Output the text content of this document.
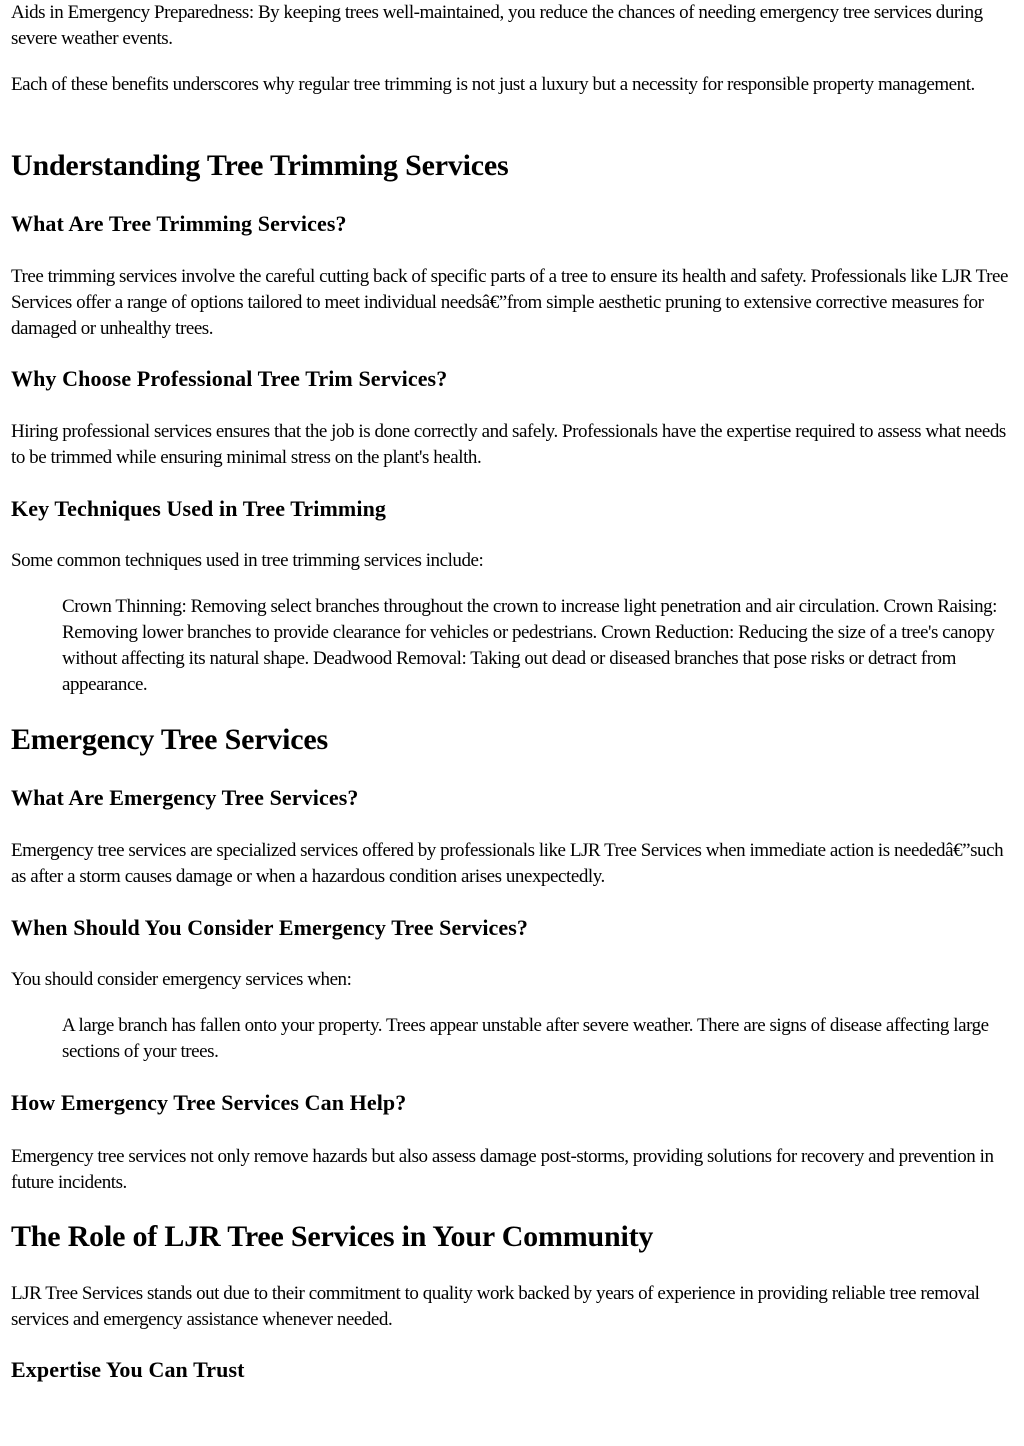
Aids in Emergency Preparedness: By keeping trees well-maintained, you reduce the chances of needing emergency tree services during severe weather events.

Each of these benefits underscores why regular tree trimming is not just a luxury but a necessity for responsible property management.

Understanding Tree Trimming Services
What Are Tree Trimming Services?

Tree trimming services involve the careful cutting back of specific parts of a tree to ensure its health and safety. Professionals like LJR Tree Services offer a range of options tailored to meet individual needsâ€”from simple aesthetic pruning to extensive corrective measures for damaged or unhealthy trees.

Why Choose Professional Tree Trim Services?

Hiring professional services ensures that the job is done correctly and safely. Professionals have the expertise required to assess what needs to be trimmed while ensuring minimal stress on the plant's health.

Key Techniques Used in Tree Trimming

Some common techniques used in tree trimming services include:

Crown Thinning: Removing select branches throughout the crown to increase light penetration and air circulation. Crown Raising: Removing lower branches to provide clearance for vehicles or pedestrians. Crown Reduction: Reducing the size of a tree's canopy without affecting its natural shape. Deadwood Removal: Taking out dead or diseased branches that pose risks or detract from appearance.

Emergency Tree Services
What Are Emergency Tree Services?

Emergency tree services are specialized services offered by professionals like LJR Tree Services when immediate action is neededâ€”such as after a storm causes damage or when a hazardous condition arises unexpectedly.

When Should You Consider Emergency Tree Services?

You should consider emergency services when:

A large branch has fallen onto your property. Trees appear unstable after severe weather. There are signs of disease affecting large sections of your trees.

How Emergency Tree Services Can Help?

Emergency tree services not only remove hazards but also assess damage post-storms, providing solutions for recovery and prevention in future incidents.

The Role of LJR Tree Services in Your Community

LJR Tree Services stands out due to their commitment to quality work backed by years of experience in providing reliable tree removal services and emergency assistance whenever needed.

Expertise You Can Trust
